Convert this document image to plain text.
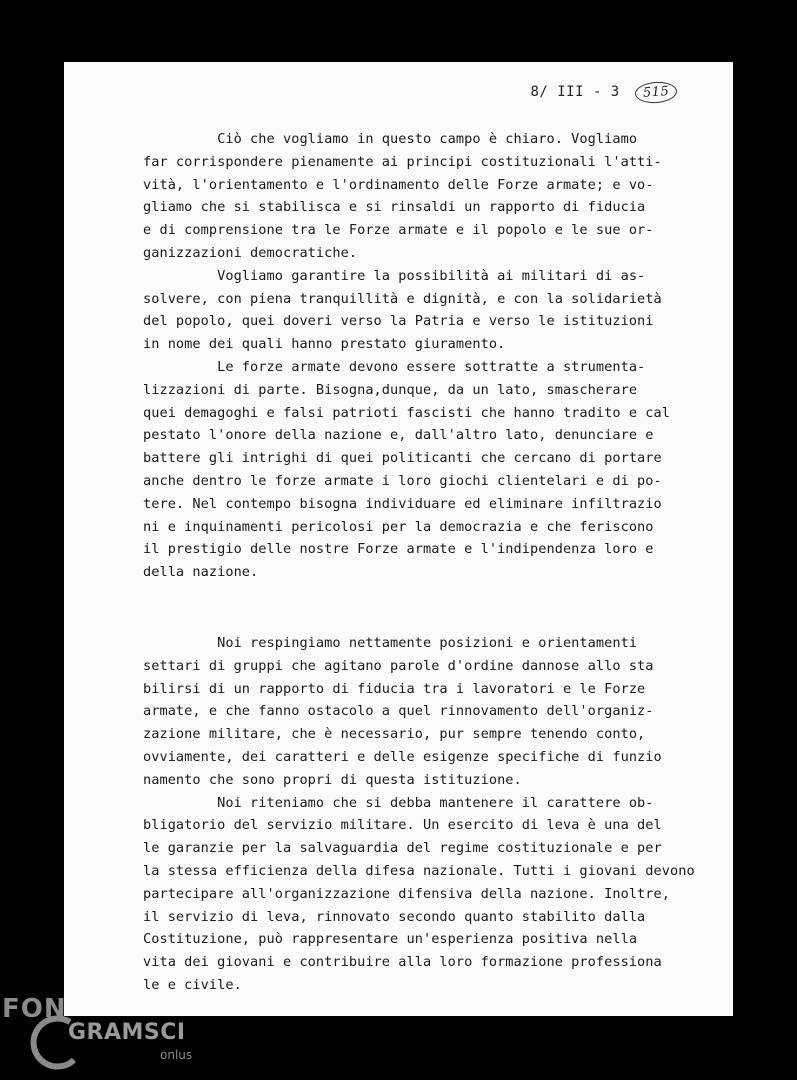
8/ III - 3 515
Ciò che vogliamo in questo campo è chiaro. Vogliamo
far corrispondere pienamente ai principi costituzionali l'atti-
vità, l'orientamento e l'ordinamento delle Forze armate; e vo-
gliamo che si stabilisca e si rinsaldi un rapporto di fiducia
e di comprensione tra le Forze armate e il popolo e le sue or-
ganizzazioni democratiche.
Vogliamo garantire la possibilità ai militari di as-
solvere, con piena tranquillità e dignità, e con la solidarietà
del popolo, quei doveri verso la Patria e verso le istituzioni
in nome dei quali hanno prestato giuramento.
Le forze armate devono essere sottratte a strumenta-
lizzazioni di parte. Bisogna,dunque, da un lato, smascherare
quei demagoghi e falsi patrioti fascisti che hanno tradito e cal
pestato l'onore della nazione e, dall'altro lato, denunciare e
battere gli intrighi di quei politicanti che cercano di portare
anche dentro le forze armate i loro giochi clientelari e di po-
tere. Nel contempo bisogna individuare ed eliminare infiltrazio
ni e inquinamenti pericolosi per la democrazia e che feriscono
il prestigio delle nostre Forze armate e l'indipendenza loro e
della nazione.
Noi respingiamo nettamente posizioni e orientamenti
settari di gruppi che agitano parole d'ordine dannose allo sta
bilirsi di un rapporto di fiducia tra i lavoratori e le Forze
armate, e che fanno ostacolo a quel rinnovamento dell'organiz-
zazione militare, che è necessario, pur sempre tenendo conto,
ovviamente, dei caratteri e delle esigenze specifiche di funzio
namento che sono propri di questa istituzione.
Noi riteniamo che si debba mantenere il carattere ob-
bligatorio del servizio militare. Un esercito di leva è una del
le garanzie per la salvaguardia del regime costituzionale e per
la stessa efficienza della difesa nazionale. Tutti i giovani devono
partecipare all'organizzazione difensiva della nazione. Inoltre,
il servizio di leva, rinnovato secondo quanto stabilito dalla
Costituzione, può rappresentare un'esperienza positiva nella
vita dei giovani e contribuire alla loro formazione professiona
le e civile.
FON
GRAMSCI
onlus
